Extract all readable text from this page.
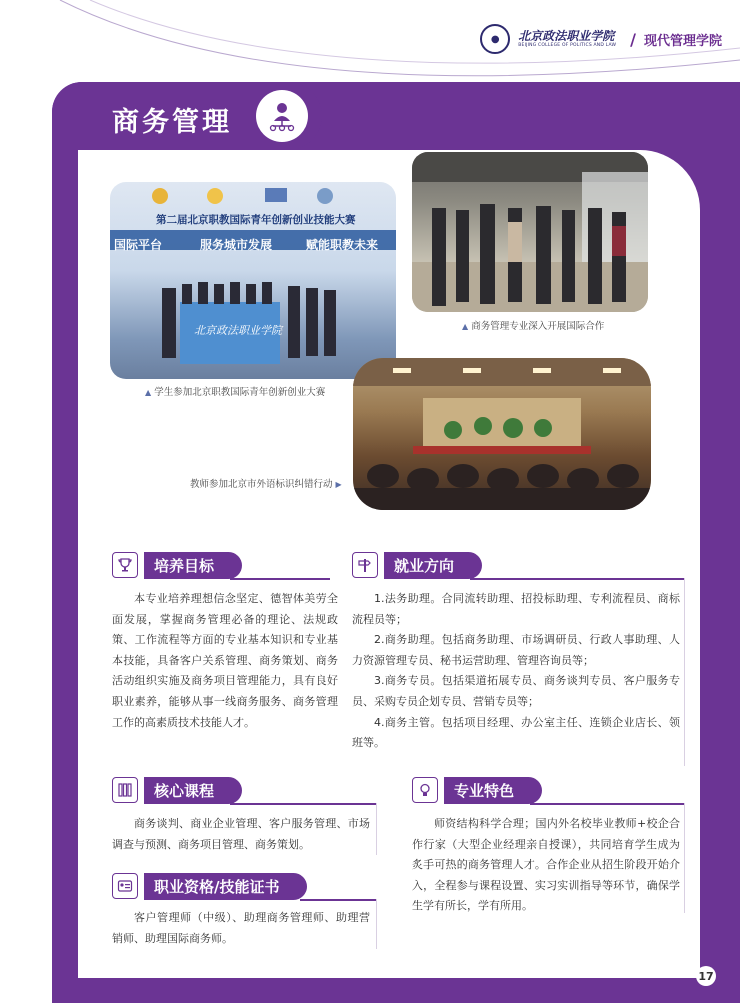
●	北京政法职业学院
BEIJING COLLEGE OF POLITICS AND LAW / 现代管理学院
商务管理
第二届北京职教国际青年创新创业技能大赛
国际平台	服务城市发展	赋能职教未来
北京政法职业学院
▲ 学生参加北京职教国际青年创新创业大赛
▲ 商务管理专业深入开展国际合作
教师参加北京市外语标识纠错行动 ▶
培养目标
本专业培养理想信念坚定、德智体美劳全面发展，掌握商务管理必备的理论、法规政策、工作流程等方面的专业基本知识和专业基本技能，具备客户关系管理、商务策划、商务活动组织实施及商务项目管理能力，具有良好职业素养，能够从事一线商务服务、商务管理工作的高素质技术技能人才。
就业方向
1.法务助理。合同流转助理、招投标助理、专利流程员、商标流程员等；
2.商务助理。包括商务助理、市场调研员、行政人事助理、人力资源管理专员、秘书运营助理、管理咨询员等；
3.商务专员。包括渠道拓展专员、商务谈判专员、客户服务专员、采购专员企划专员、营销专员等；
4.商务主管。包括项目经理、办公室主任、连锁企业店长、领班等。
核心课程
商务谈判、商业企业管理、客户服务管理、市场调查与预测、商务项目管理、商务策划。
专业特色
师资结构科学合理；国内外名校毕业教师+校企合作行家（大型企业经理亲自授课），共同培育学生成为炙手可热的商务管理人才。合作企业从招生阶段开始介入，全程参与课程设置、实习实训指导等环节，确保学生学有所长，学有所用。
职业资格/技能证书
客户管理师（中级）、助理商务管理师、助理营销师、助理国际商务师。
17
